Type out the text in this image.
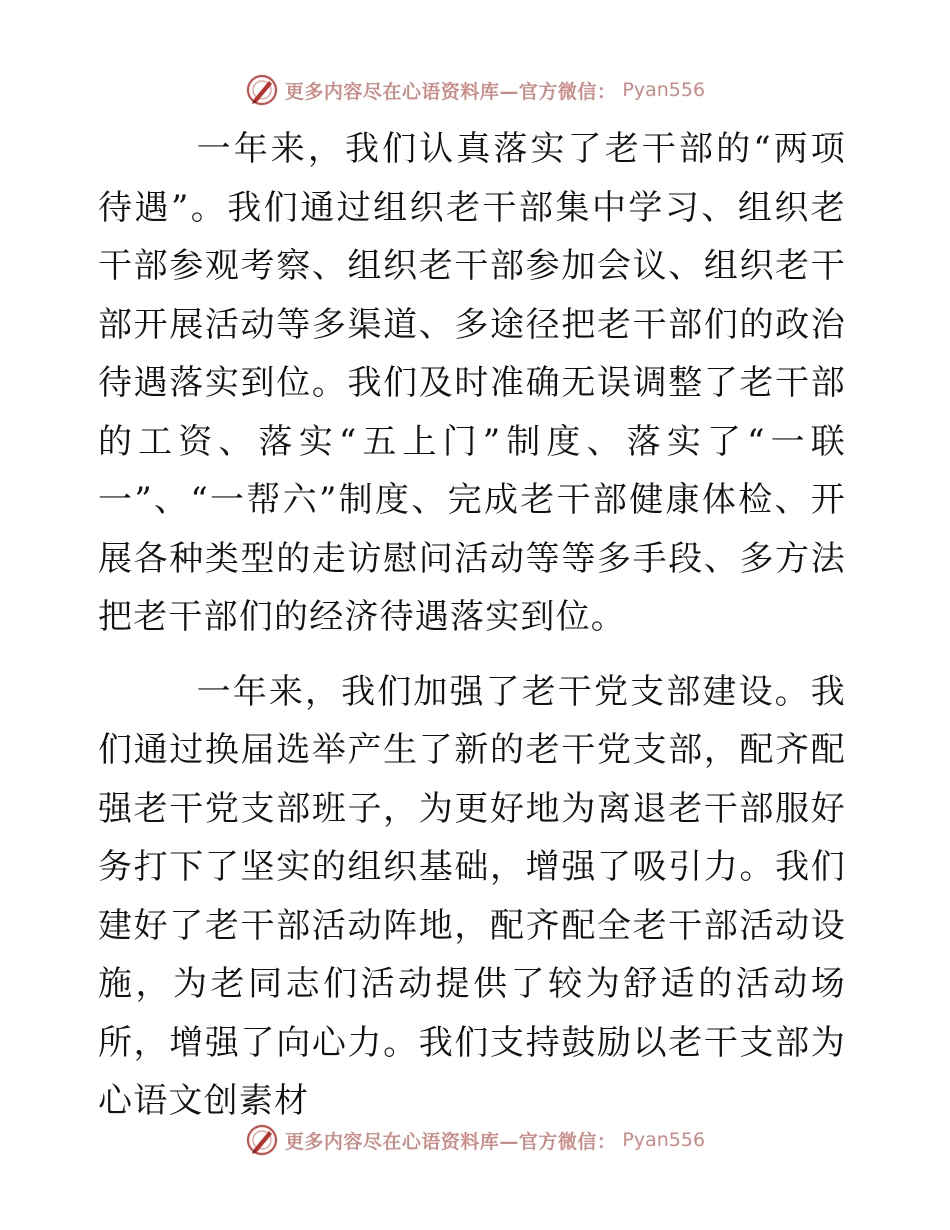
更多内容尽在心语资料库—官方微信： Pyan556

一年来，我们认真落实了老干部的“两项待遇”。我们通过组织老干部集中学习、组织老干部参观考察、组织老干部参加会议、组织老干部开展活动等多渠道、多途径把老干部们的政治待遇落实到位。我们及时准确无误调整了老干部的工资、落实“五上门”制度、落实了“一联一”、“一帮六”制度、完成老干部健康体检、开展各种类型的走访慰问活动等等多手段、多方法把老干部们的经济待遇落实到位。

一年来，我们加强了老干党支部建设。我们通过换届选举产生了新的老干党支部，配齐配强老干党支部班子，为更好地为离退老干部服好务打下了坚实的组织基础，增强了吸引力。我们建好了老干部活动阵地，配齐配全老干部活动设施，为老同志们活动提供了较为舒适的活动场所，增强了向心力。我们支持鼓励以老干支部为心语文创素材

更多内容尽在心语资料库—官方微信： Pyan556
